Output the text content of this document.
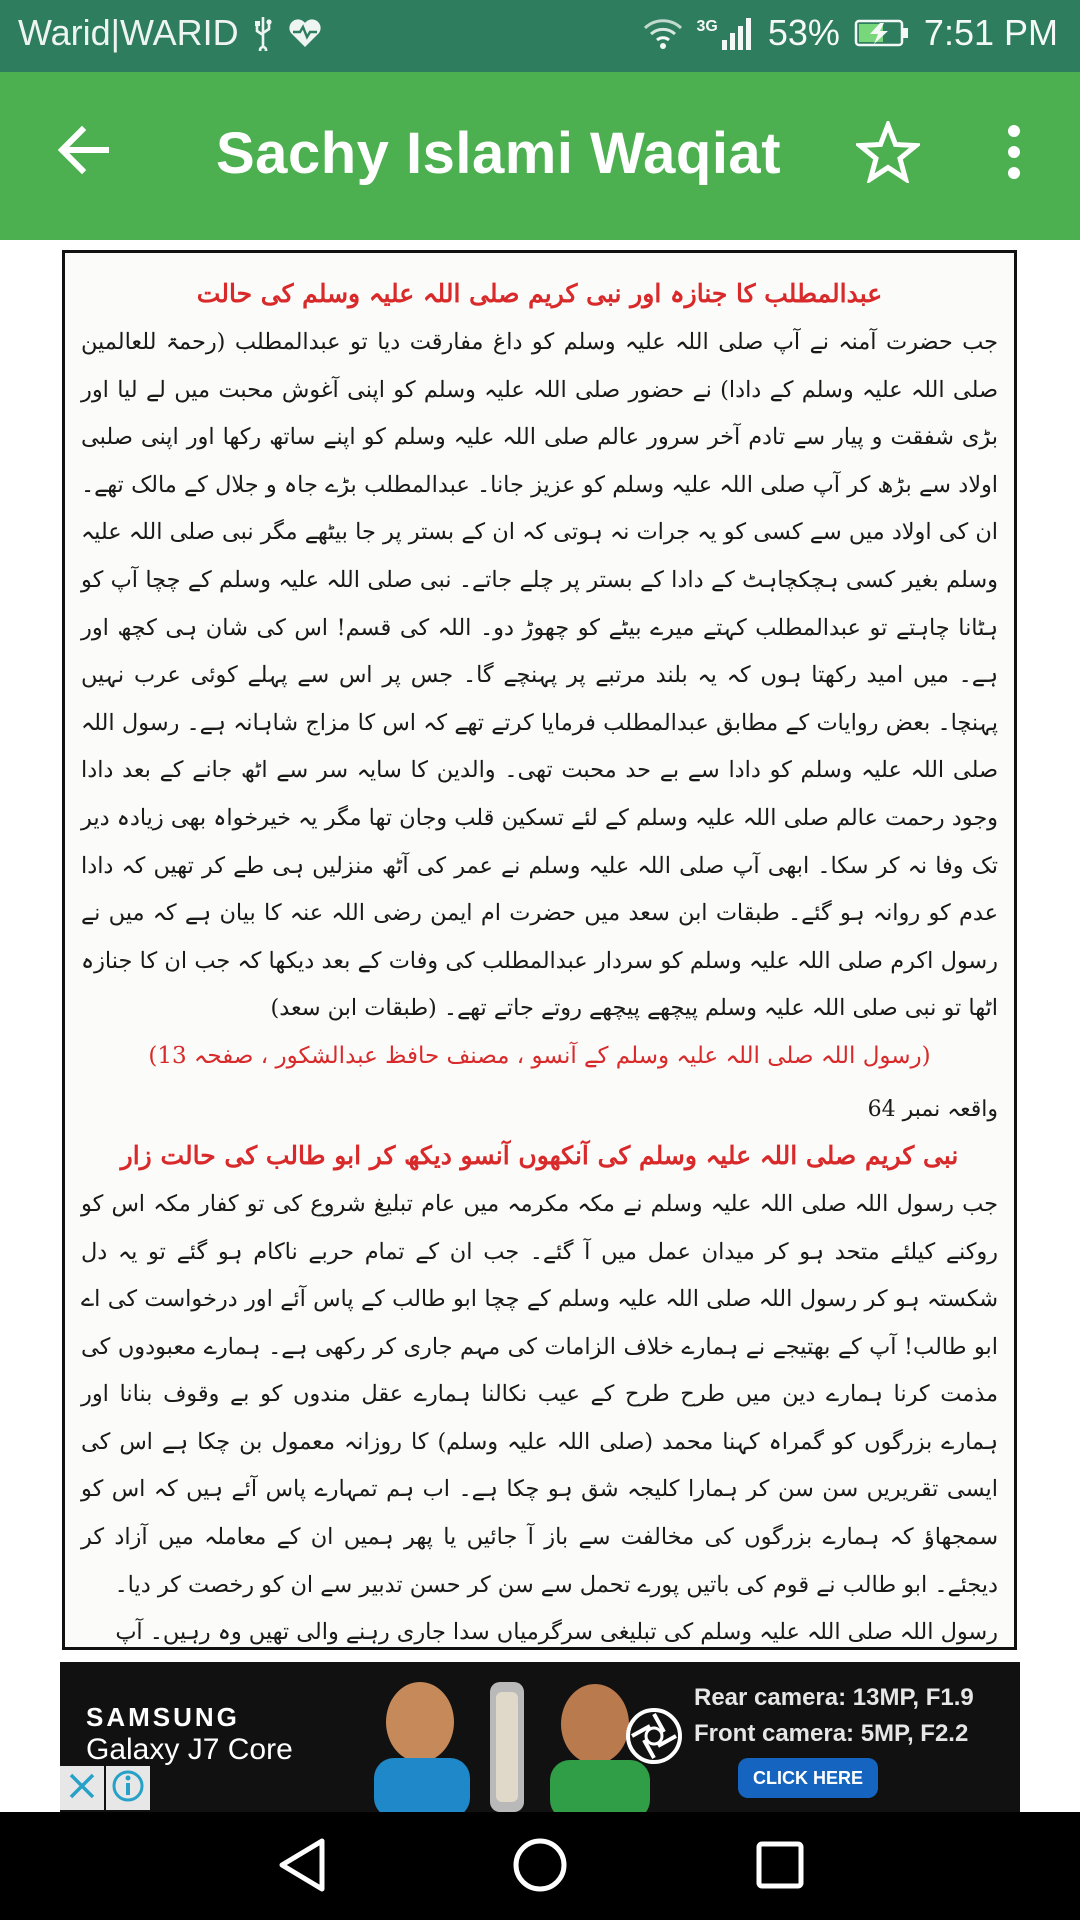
Warid|WARID	3G 53% 7:51 PM
Sachy Islami Waqiat
عبدالمطلب کا جنازہ اور نبی کریم صلی اللہ علیہ وسلم کی حالت
جب حضرت آمنہ نے آپ صلی اللہ علیہ وسلم کو داغ مفارقت دیا تو عبدالمطلب (رحمۃ للعالمین صلی اللہ علیہ وسلم کے دادا) نے حضور صلی اللہ علیہ وسلم کو اپنی آغوش محبت میں لے لیا اور بڑی شفقت و پیار سے تادم آخر سرور عالم صلی اللہ علیہ وسلم کو اپنے ساتھ رکھا اور اپنی صلبی اولاد سے بڑھ کر آپ صلی اللہ علیہ وسلم کو عزیز جانا۔ عبدالمطلب بڑے جاہ و جلال کے مالک تھے۔ ان کی اولاد میں سے کسی کو یہ جرات نہ ہوتی کہ ان کے بستر پر جا بیٹھے مگر نبی صلی اللہ علیہ وسلم بغیر کسی ہچکچاہٹ کے دادا کے بستر پر چلے جاتے۔ نبی صلی اللہ علیہ وسلم کے چچا آپ کو ہٹانا چاہتے تو عبدالمطلب کہتے میرے بیٹے کو چھوڑ دو۔ اللہ کی قسم! اس کی شان ہی کچھ اور ہے۔ میں امید رکھتا ہوں کہ یہ بلند مرتبے پر پہنچے گا۔ جس پر اس سے پہلے کوئی عرب نہیں پہنچا۔ بعض روایات کے مطابق عبدالمطلب فرمایا کرتے تھے کہ اس کا مزاج شاہانہ ہے۔ رسول اللہ صلی اللہ علیہ وسلم کو دادا سے بے حد محبت تھی۔ والدین کا سایہ سر سے اٹھ جانے کے بعد دادا وجود رحمت عالم صلی اللہ علیہ وسلم کے لئے تسکین قلب وجان تھا مگر یہ خیرخواہ بھی زیادہ دیر تک وفا نہ کر سکا۔ ابھی آپ صلی اللہ علیہ وسلم نے عمر کی آٹھ منزلیں ہی طے کر تھیں کہ دادا عدم کو روانہ ہو گئے۔ طبقات ابن سعد میں حضرت ام ایمن رضی اللہ عنہ کا بیان ہے کہ میں نے رسول اکرم صلی اللہ علیہ وسلم کو سردار عبدالمطلب کی وفات کے بعد دیکھا کہ جب ان کا جنازہ اٹھا تو نبی صلی اللہ علیہ وسلم پیچھے پیچھے روتے جاتے تھے۔ (طبقات ابن سعد)
(رسول اللہ صلی اللہ علیہ وسلم کے آنسو ، مصنف حافظ عبدالشکور ، صفحہ 13)
واقعہ نمبر 64
نبی کریم صلی اللہ علیہ وسلم کی آنکھوں آنسو دیکھ کر ابو طالب کی حالت زار
جب رسول اللہ صلی اللہ علیہ وسلم نے مکہ مکرمہ میں عام تبلیغ شروع کی تو کفار مکہ اس کو روکنے کیلئے متحد ہو کر میدان عمل میں آ گئے۔ جب ان کے تمام حربے ناکام ہو گئے تو یہ دل شکستہ ہو کر رسول اللہ صلی اللہ علیہ وسلم کے چچا ابو طالب کے پاس آئے اور درخواست کی اے ابو طالب! آپ کے بھتیجے نے ہمارے خلاف الزامات کی مہم جاری کر رکھی ہے۔ ہمارے معبودوں کی مذمت کرنا ہمارے دین میں طرح طرح کے عیب نکالنا ہمارے عقل مندوں کو بے وقوف بنانا اور ہمارے بزرگوں کو گمراہ کہنا محمد (صلی اللہ علیہ وسلم) کا روزانہ معمول بن چکا ہے اس کی ایسی تقریریں سن سن کر ہمارا کلیجہ شق ہو چکا ہے۔ اب ہم تمہارے پاس آئے ہیں کہ اس کو سمجھاؤ کہ ہمارے بزرگوں کی مخالفت سے باز آ جائیں یا پھر ہمیں ان کے معاملہ میں آزاد کر دیجئے۔ ابو طالب نے قوم کی باتیں پورے تحمل سے سن کر حسن تدبیر سے ان کو رخصت کر دیا۔
رسول اللہ صلی اللہ علیہ وسلم کی تبلیغی سرگرمیاں سدا جاری رہنے والی تھیں وہ رہیں۔ آپ
SAMSUNG
Galaxy J7 Core
Rear camera: 13MP, F1.9
Front camera: 5MP, F2.2
CLICK HERE
